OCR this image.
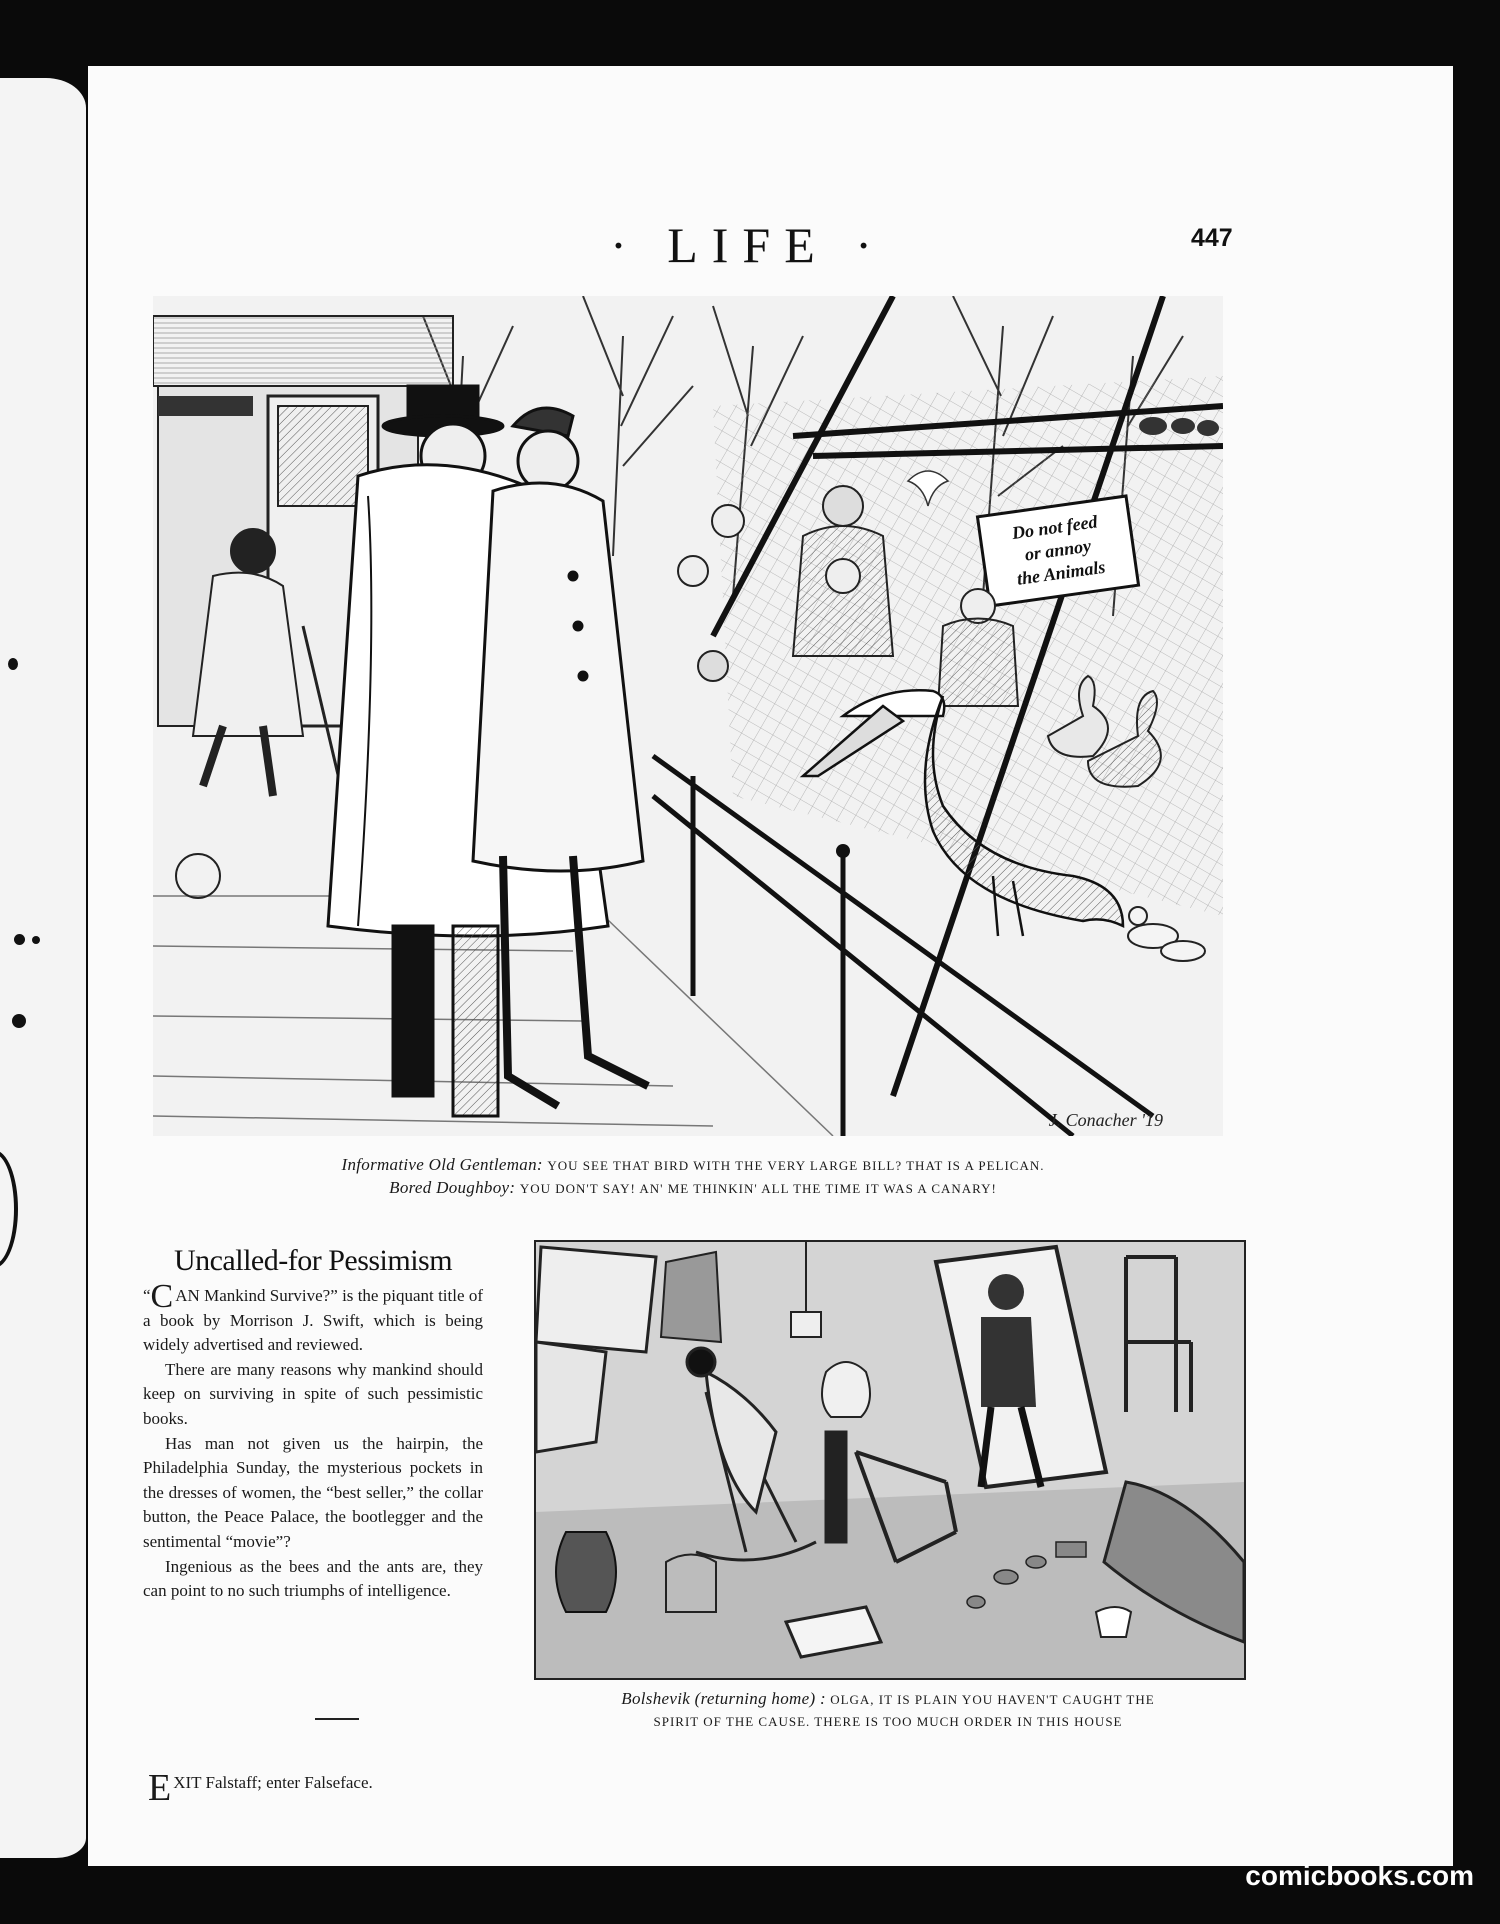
· LIFE ·	447
Do not feed
or annoy
the Animals
J. Conacher '19
Informative Old Gentleman: YOU SEE THAT BIRD WITH THE VERY LARGE BILL? THAT IS A PELICAN.
Bored Doughboy: YOU DON'T SAY! AN' ME THINKIN' ALL THE TIME IT WAS A CANARY!
Uncalled-for Pessimism

“C AN Mankind Survive?” is the piquant title of a book by Morrison J. Swift, which is being widely advertised and reviewed.

There are many reasons why mankind should keep on surviving in spite of such pessimistic books.

Has man not given us the hairpin, the Philadelphia Sunday, the mysterious pockets in the dresses of women, the “best seller,” the collar button, the Peace Palace, the bootlegger and the sentimental “movie”?

Ingenious as the bees and the ants are, they can point to no such triumphs of intelligence.

EXIT Falstaff; enter Falseface.
Bolshevik (returning home) : OLGA, IT IS PLAIN YOU HAVEN'T CAUGHT THE
SPIRIT OF THE CAUSE. THERE IS TOO MUCH ORDER IN THIS HOUSE
comicbooks.com
